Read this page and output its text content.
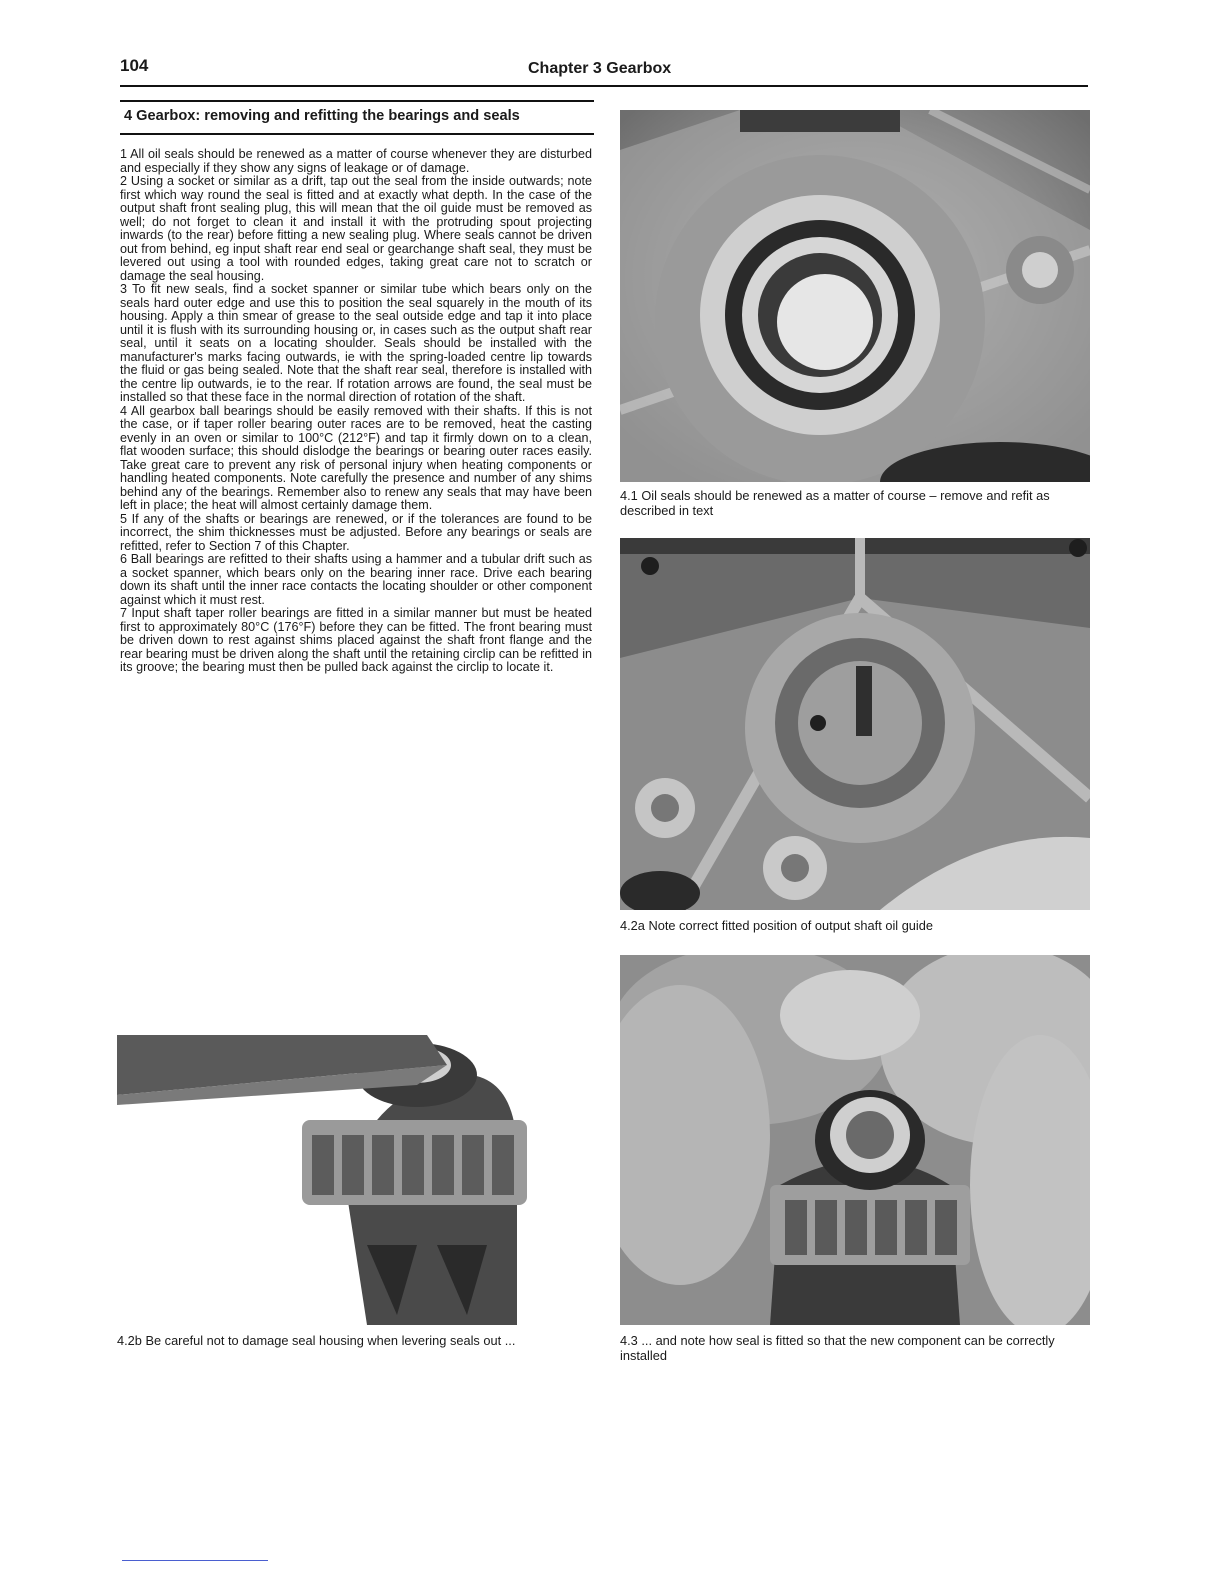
104	Chapter 3 Gearbox
4 Gearbox: removing and refitting the bearings and seals

1 All oil seals should be renewed as a matter of course whenever they are disturbed and especially if they show any signs of leakage or of damage.

2 Using a socket or similar as a drift, tap out the seal from the inside outwards; note first which way round the seal is fitted and at exactly what depth. In the case of the output shaft front sealing plug, this will mean that the oil guide must be removed as well; do not forget to clean it and install it with the protruding spout projecting inwards (to the rear) before fitting a new sealing plug. Where seals cannot be driven out from behind, eg input shaft rear end seal or gearchange shaft seal, they must be levered out using a tool with rounded edges, taking great care not to scratch or damage the seal housing.

3 To fit new seals, find a socket spanner or similar tube which bears only on the seals hard outer edge and use this to position the seal squarely in the mouth of its housing. Apply a thin smear of grease to the seal outside edge and tap it into place until it is flush with its surrounding housing or, in cases such as the output shaft rear seal, until it seats on a locating shoulder. Seals should be installed with the manufacturer's marks facing outwards, ie with the spring-loaded centre lip towards the fluid or gas being sealed. Note that the shaft rear seal, therefore is installed with the centre lip outwards, ie to the rear. If rotation arrows are found, the seal must be installed so that these face in the normal direction of rotation of the shaft.

4 All gearbox ball bearings should be easily removed with their shafts. If this is not the case, or if taper roller bearing outer races are to be removed, heat the casting evenly in an oven or similar to 100°C (212°F) and tap it firmly down on to a clean, flat wooden surface; this should dislodge the bearings or bearing outer races easily. Take great care to prevent any risk of personal injury when heating components or handling heated components. Note carefully the presence and number of any shims behind any of the bearings. Remember also to renew any seals that may have been left in place; the heat will almost certainly damage them.

5 If any of the shafts or bearings are renewed, or if the tolerances are found to be incorrect, the shim thicknesses must be adjusted. Before any bearings or seals are refitted, refer to Section 7 of this Chapter.

6 Ball bearings are refitted to their shafts using a hammer and a tubular drift such as a socket spanner, which bears only on the bearing inner race. Drive each bearing down its shaft until the inner race contacts the locating shoulder or other component against which it must rest.

7 Input shaft taper roller bearings are fitted in a similar manner but must be heated first to approximately 80°C (176°F) before they can be fitted. The front bearing must be driven down to rest against shims placed against the shaft front flange and the rear bearing must be driven along the shaft until the retaining circlip can be refitted in its groove; the bearing must then be pulled back against the circlip to locate it.

4.1 Oil seals should be renewed as a matter of course – remove and refit as described in text
4.2a Note correct fitted position of output shaft oil guide
4.2b Be careful not to damage seal housing when levering seals out ...	4.3 ... and note how seal is fitted so that the new component can be correctly installed
